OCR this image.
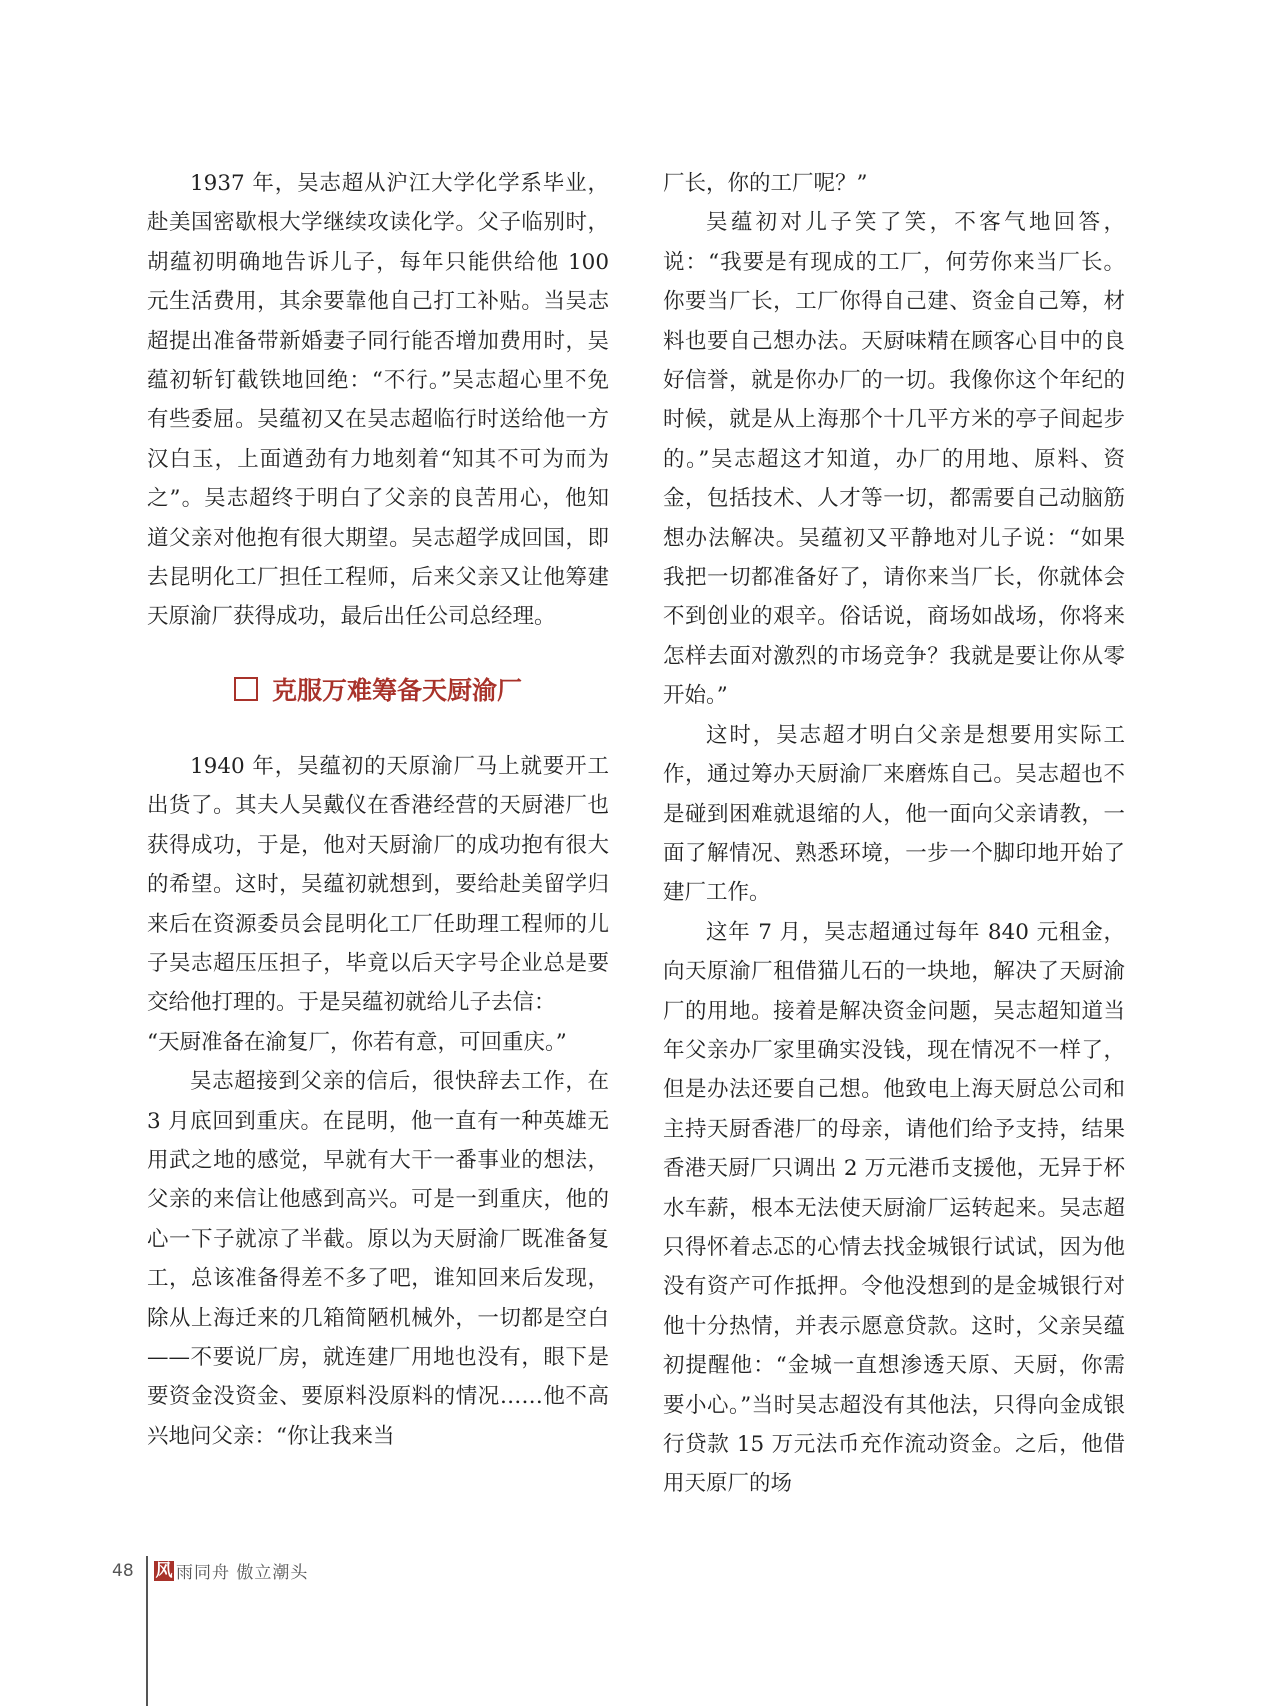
1937 年，吴志超从沪江大学化学系毕业，赴美国密歇根大学继续攻读化学。父子临别时，胡蕴初明确地告诉儿子，每年只能供给他 100 元生活费用，其余要靠他自己打工补贴。当吴志超提出准备带新婚妻子同行能否增加费用时，吴蕴初斩钉截铁地回绝：“不行。”吴志超心里不免有些委屈。吴蕴初又在吴志超临行时送给他一方汉白玉，上面遒劲有力地刻着“知其不可为而为之”。吴志超终于明白了父亲的良苦用心，他知道父亲对他抱有很大期望。吴志超学成回国，即去昆明化工厂担任工程师，后来父亲又让他筹建天原渝厂获得成功，最后出任公司总经理。

克服万难筹备天厨渝厂

1940 年，吴蕴初的天原渝厂马上就要开工出货了。其夫人吴戴仪在香港经营的天厨港厂也获得成功，于是，他对天厨渝厂的成功抱有很大的希望。这时，吴蕴初就想到，要给赴美留学归来后在资源委员会昆明化工厂任助理工程师的儿子吴志超压压担子，毕竟以后天字号企业总是要交给他打理的。于是吴蕴初就给儿子去信：

“天厨准备在渝复厂，你若有意，可回重庆。”

吴志超接到父亲的信后，很快辞去工作，在 3 月底回到重庆。在昆明，他一直有一种英雄无用武之地的感觉，早就有大干一番事业的想法，父亲的来信让他感到高兴。可是一到重庆，他的心一下子就凉了半截。原以为天厨渝厂既准备复工，总该准备得差不多了吧，谁知回来后发现，除从上海迁来的几箱简陋机械外，一切都是空白——不要说厂房，就连建厂用地也没有，眼下是要资金没资金、要原料没原料的情况……他不高兴地问父亲：“你让我来当

厂长，你的工厂呢？”

吴蕴初对儿子笑了笑，不客气地回答，说：“我要是有现成的工厂，何劳你来当厂长。你要当厂长，工厂你得自己建、资金自己筹，材料也要自己想办法。天厨味精在顾客心目中的良好信誉，就是你办厂的一切。我像你这个年纪的时候，就是从上海那个十几平方米的亭子间起步的。”吴志超这才知道，办厂的用地、原料、资金，包括技术、人才等一切，都需要自己动脑筋想办法解决。吴蕴初又平静地对儿子说：“如果我把一切都准备好了，请你来当厂长，你就体会不到创业的艰辛。俗话说，商场如战场，你将来怎样去面对激烈的市场竞争？我就是要让你从零开始。”

这时，吴志超才明白父亲是想要用实际工作，通过筹办天厨渝厂来磨炼自己。吴志超也不是碰到困难就退缩的人，他一面向父亲请教，一面了解情况、熟悉环境，一步一个脚印地开始了建厂工作。

这年 7 月，吴志超通过每年 840 元租金，向天原渝厂租借猫儿石的一块地，解决了天厨渝厂的用地。接着是解决资金问题，吴志超知道当年父亲办厂家里确实没钱，现在情况不一样了，但是办法还要自己想。他致电上海天厨总公司和主持天厨香港厂的母亲，请他们给予支持，结果香港天厨厂只调出 2 万元港币支援他，无异于杯水车薪，根本无法使天厨渝厂运转起来。吴志超只得怀着忐忑的心情去找金城银行试试，因为他没有资产可作抵押。令他没想到的是金城银行对他十分热情，并表示愿意贷款。这时，父亲吴蕴初提醒他：“金城一直想渗透天原、天厨，你需要小心。”当时吴志超没有其他法，只得向金成银行贷款 15 万元法币充作流动资金。之后，他借用天原厂的场

48	风 雨同舟 傲立潮头
